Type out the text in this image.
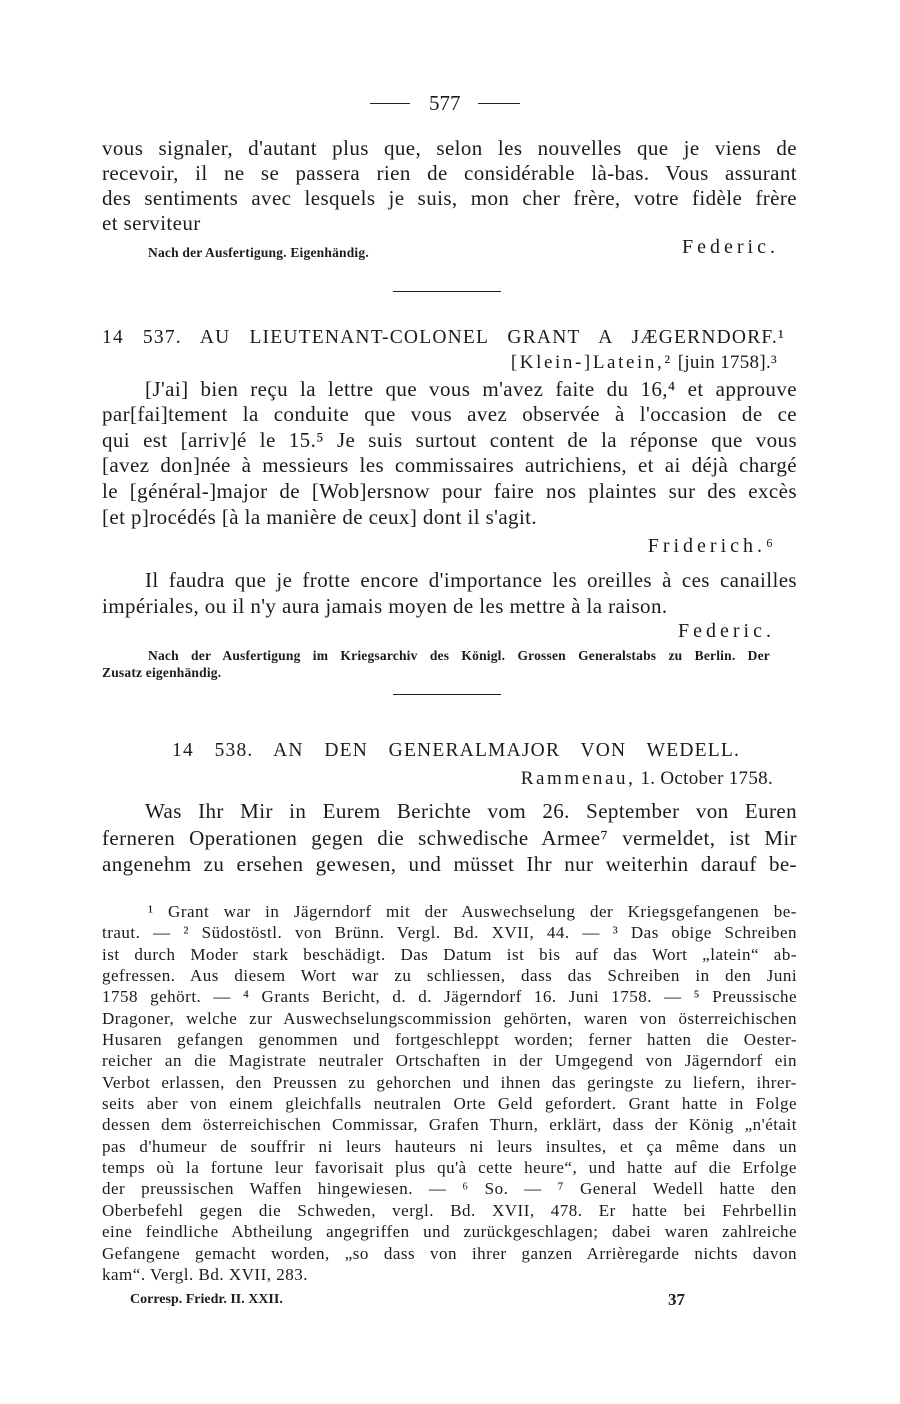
577
vous signaler, d'autant plus que, selon les nouvelles que je viens de
recevoir, il ne se passera rien de considérable là-bas. Vous assurant
des sentiments avec lesquels je suis, mon cher frère, votre fidèle frère
et serviteur
Nach der Ausfertigung. Eigenhändig.	Federic.
14 537. AU LIEUTENANT-COLONEL GRANT A JÆGERNDORF.¹
[Klein-]Latein,² [juin 1758].³
[J'ai] bien reçu la lettre que vous m'avez faite du 16,⁴ et approuve
par[fai]tement la conduite que vous avez observée à l'occasion de ce
qui est [arriv]é le 15.⁵ Je suis surtout content de la réponse que vous
[avez don]née à messieurs les commissaires autrichiens, et ai déjà chargé
le [général-]major de [Wob]ersnow pour faire nos plaintes sur des excès
[et p]rocédés [à la manière de ceux] dont il s'agit.
Friderich.⁶
Il faudra que je frotte encore d'importance les oreilles à ces canailles
impériales, ou il n'y aura jamais moyen de les mettre à la raison.
Federic.
Nach der Ausfertigung im Kriegsarchiv des Königl. Grossen Generalstabs zu Berlin. Der
Zusatz eigenhändig.
14 538. AN DEN GENERALMAJOR VON WEDELL.
Rammenau, 1. October 1758.
Was Ihr Mir in Eurem Berichte vom 26. September von Euren
ferneren Operationen gegen die schwedische Armee⁷ vermeldet, ist Mir
angenehm zu ersehen gewesen, und müsset Ihr nur weiterhin darauf be-
¹ Grant war in Jägerndorf mit der Auswechselung der Kriegsgefangenen be-
traut. — ² Südostöstl. von Brünn. Vergl. Bd. XVII, 44. — ³ Das obige Schreiben
ist durch Moder stark beschädigt. Das Datum ist bis auf das Wort „latein“ ab-
gefressen. Aus diesem Wort war zu schliessen, dass das Schreiben in den Juni
1758 gehört. — ⁴ Grants Bericht, d. d. Jägerndorf 16. Juni 1758. — ⁵ Preussische
Dragoner, welche zur Auswechselungscommission gehörten, waren von österreichischen
Husaren gefangen genommen und fortgeschleppt worden; ferner hatten die Oester-
reicher an die Magistrate neutraler Ortschaften in der Umgegend von Jägerndorf ein
Verbot erlassen, den Preussen zu gehorchen und ihnen das geringste zu liefern, ihrer-
seits aber von einem gleichfalls neutralen Orte Geld gefordert. Grant hatte in Folge
dessen dem österreichischen Commissar, Grafen Thurn, erklärt, dass der König „n'était
pas d'humeur de souffrir ni leurs hauteurs ni leurs insultes, et ça même dans un
temps où la fortune leur favorisait plus qu'à cette heure“, und hatte auf die Erfolge
der preussischen Waffen hingewiesen. — ⁶ So. — ⁷ General Wedell hatte den
Oberbefehl gegen die Schweden, vergl. Bd. XVII, 478. Er hatte bei Fehrbellin
eine feindliche Abtheilung angegriffen und zurückgeschlagen; dabei waren zahlreiche
Gefangene gemacht worden, „so dass von ihrer ganzen Arrièregarde nichts davon
kam“. Vergl. Bd. XVII, 283.
Corresp. Friedr. II. XXII.	37
